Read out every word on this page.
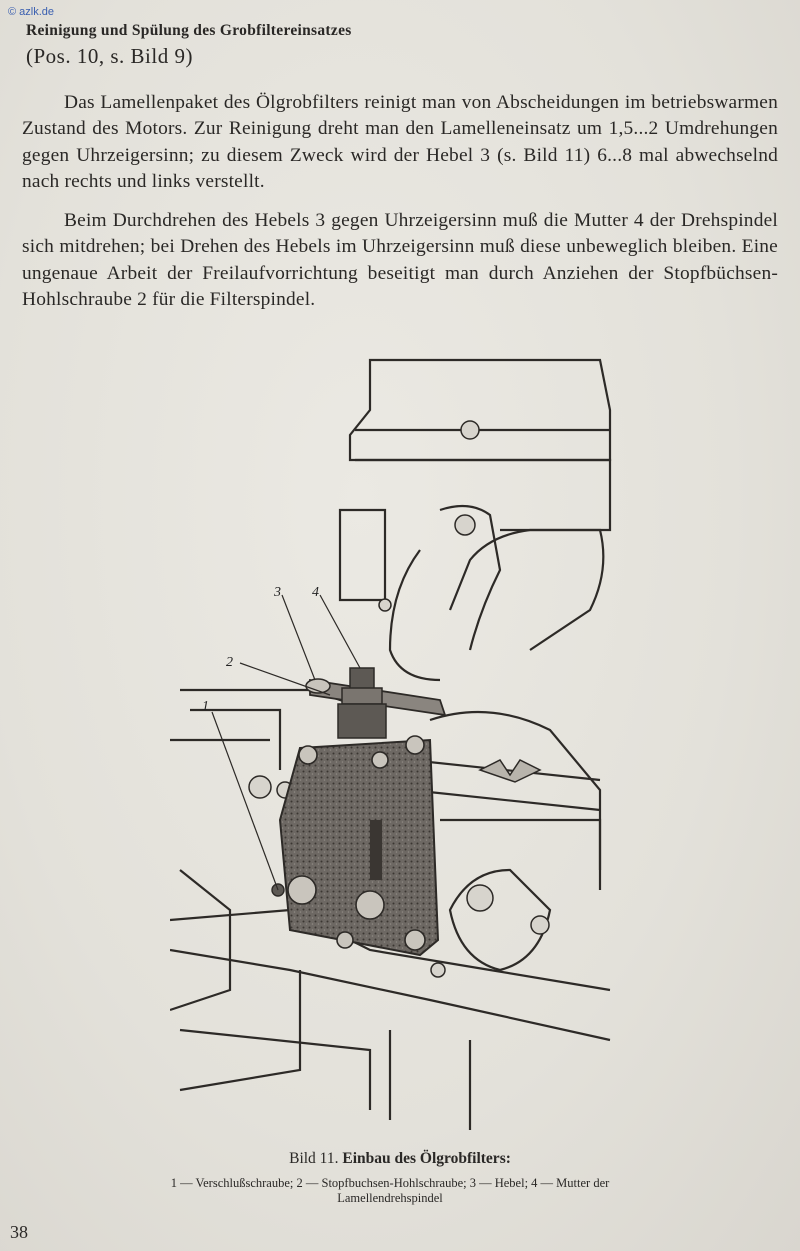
© azlk.de
Reinigung und Spülung des Grobfiltereinsatzes
(Pos. 10, s. Bild 9)

Das Lamellenpaket des Ölgrobfilters reinigt man von Abscheidungen im betriebswarmen Zustand des Motors. Zur Reinigung dreht man den Lamelleneinsatz um 1,5...2 Umdrehungen gegen Uhrzeigersinn; zu diesem Zweck wird der Hebel 3 (s. Bild 11) 6...8 mal abwechselnd nach rechts und links verstellt.

Beim Durchdrehen des Hebels 3 gegen Uhrzeigersinn muß die Mutter 4 der Drehspindel sich mitdrehen; bei Drehen des Hebels im Uhrzeigersinn muß diese unbeweglich bleiben. Eine ungenaue Arbeit der Freilaufvorrichtung beseitigt man durch Anziehen der Stopfbüchsen-Hohlschraube 2 für die Filterspindel.

1
2
3 4
Bild 11. Einbau des Ölgrobfilters:
1 — Verschlußschraube; 2 — Stopfbuchsen-Hohlschraube; 3 — Hebel; 4 — Mutter der Lamellendrehspindel
38
